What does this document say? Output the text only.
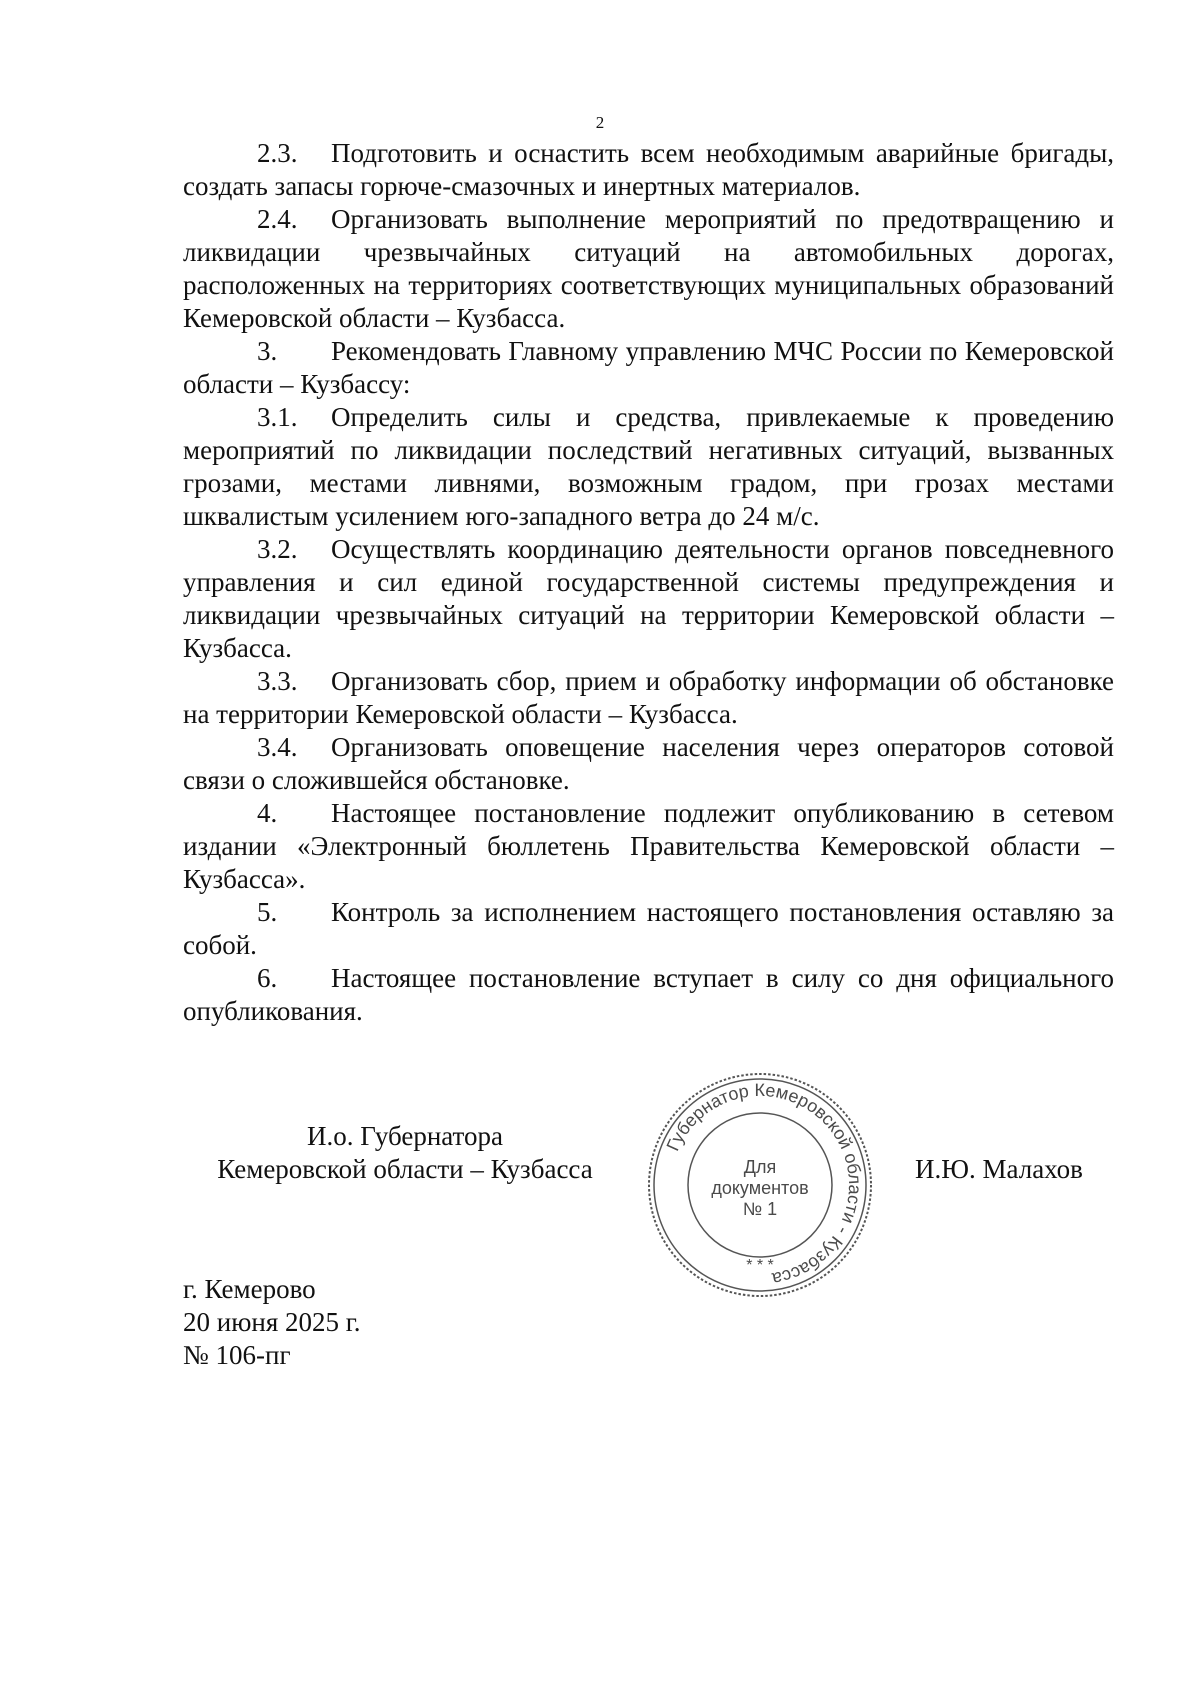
2

2.3. Подготовить и оснастить всем необходимым аварийные бригады, создать запасы горюче-смазочных и инертных материалов.

2.4. Организовать выполнение мероприятий по предотвращению и ликвидации чрезвычайных ситуаций на автомобильных дорогах, расположенных на территориях соответствующих муниципальных образований Кемеровской области – Кузбасса.

3. Рекомендовать Главному управлению МЧС России по Кемеровской области – Кузбассу:

3.1. Определить силы и средства, привлекаемые к проведению мероприятий по ликвидации последствий негативных ситуаций, вызванных грозами, местами ливнями, возможным градом, при грозах местами шквалистым усилением юго-западного ветра до 24 м/с.

3.2. Осуществлять координацию деятельности органов повседневного управления и сил единой государственной системы предупреждения и ликвидации чрезвычайных ситуаций на территории Кемеровской области – Кузбасса.

3.3. Организовать сбор, прием и обработку информации об обстановке на территории Кемеровской области – Кузбасса.

3.4. Организовать оповещение населения через операторов сотовой связи о сложившейся обстановке.

4. Настоящее постановление подлежит опубликованию в сетевом издании «Электронный бюллетень Правительства Кемеровской области – Кузбасса».

5. Контроль за исполнением настоящего постановления оставляю за собой.

6. Настоящее постановление вступает в силу со дня официального опубликования.

И.о. Губернатора
Кемеровской области – Кузбасса
Губернатор Кемеровской области - Кузбасса
Для
документов
№ 1
* * *
И.Ю. Малахов
г. Кемерово
20 июня 2025 г.
№ 106-пг
